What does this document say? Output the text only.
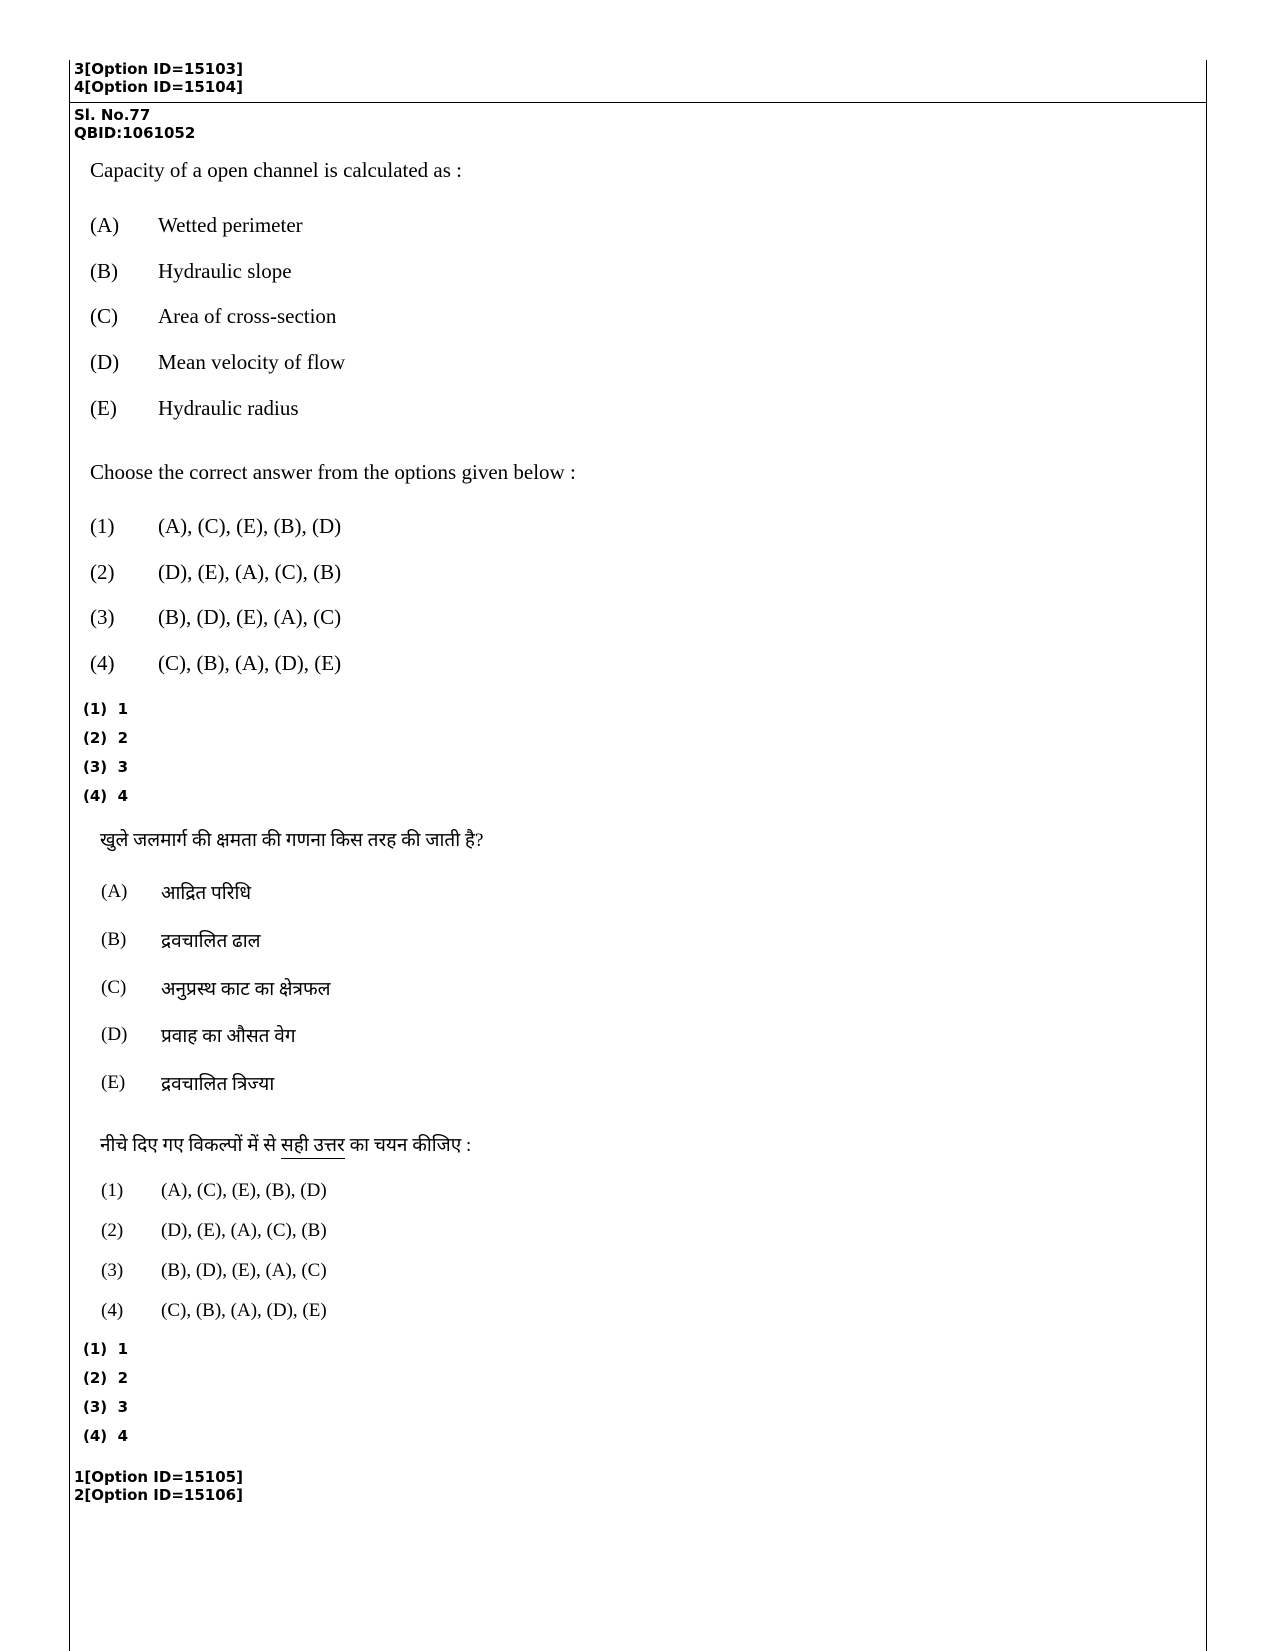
3[Option ID=15103]
4[Option ID=15104]
Sl. No.77
QBID:1061052
Capacity of a open channel is calculated as :
(A) Wetted perimeter
(B) Hydraulic slope
(C) Area of cross-section
(D) Mean velocity of flow
(E) Hydraulic radius
Choose the correct answer from the options given below :
(1) (A), (C), (E), (B), (D)
(2) (D), (E), (A), (C), (B)
(3) (B), (D), (E), (A), (C)
(4) (C), (B), (A), (D), (E)
(1)  1
(2)  2
(3)  3
(4)  4
खुले जलमार्ग की क्षमता की गणना किस तरह की जाती है?
(A) आद्रित परिधि
(B) द्रवचालित ढाल
(C) अनुप्रस्थ काट का क्षेत्रफल
(D) प्रवाह का औसत वेग
(E) द्रवचालित त्रिज्या
नीचे दिए गए विकल्पों में से सही उत्तर का चयन कीजिए :
(1) (A), (C), (E), (B), (D)
(2) (D), (E), (A), (C), (B)
(3) (B), (D), (E), (A), (C)
(4) (C), (B), (A), (D), (E)
(1)  1
(2)  2
(3)  3
(4)  4
1[Option ID=15105]
2[Option ID=15106]
